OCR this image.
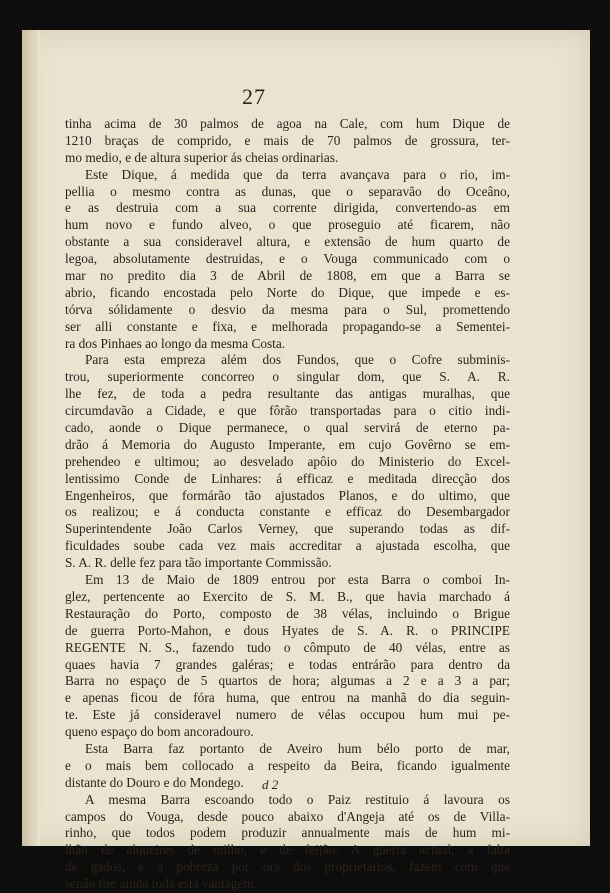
27
tinha acima de 30 palmos de agoa na Cale, com hum Dique de
1210 braças de comprido, e mais de 70 palmos de grossura, ter-
mo medio, e de altura superior ás cheias ordinarias.
Este Dique, á medida que da terra avançava para o rio, im-
pellia o mesmo contra as dunas, que o separavão do Oceâno,
e as destruia com a sua corrente dirigida, convertendo-as em
hum novo e fundo alveo, o que proseguio até ficarem, não
obstante a sua consideravel altura, e extensão de hum quarto de
legoa, absolutamente destruidas, e o Vouga communicado com o
mar no predito dia 3 de Abril de 1808, em que a Barra se
abrio, ficando encostada pelo Norte do Dique, que impede e es-
tórva sólidamente o desvio da mesma para o Sul, promettendo
ser alli constante e fixa, e melhorada propagando-se a Sementei-
ra dos Pinhaes ao longo da mesma Costa.
Para esta empreza além dos Fundos, que o Cofre subminis-
trou, superiormente concorreo o singular dom, que S. A. R.
lhe fez, de toda a pedra resultante das antigas muralhas, que
circumdavão a Cidade, e que fôrão transportadas para o citio indi-
cado, aonde o Dique permanece, o qual servirá de eterno pa-
drão á Memoria do Augusto Imperante, em cujo Govêrno se em-
prehendeo e ultimou; ao desvelado apôio do Ministerio do Excel-
lentissimo Conde de Linhares: á efficaz e meditada direcção dos
Engenheiros, que formárão tão ajustados Planos, e do ultimo, que
os realizou; e á conducta constante e efficaz do Desembargador
Superintendente João Carlos Verney, que superando todas as dif-
ficuldades soube cada vez mais accreditar a ajustada escolha, que
S. A. R. delle fez para tão importante Commissão.
Em 13 de Maio de 1809 entrou por esta Barra o comboi In-
glez, pertencente ao Exercito de S. M. B., que havia marchado á
Restauração do Porto, composto de 38 vélas, incluindo o Brigue
de guerra Porto-Mahon, e dous Hyates de S. A. R. o PRINCIPE
REGENTE N. S., fazendo tudo o cômputo de 40 vélas, entre as
quaes havia 7 grandes galéras; e todas entrárão para dentro da
Barra no espaço de 5 quartos de hora; algumas a 2 e a 3 a par;
e apenas ficou de fóra huma, que entrou na manhã do dia seguin-
te. Este já consideravel numero de vélas occupou hum mui pe-
queno espaço do bom ancoradouro.
Esta Barra faz portanto de Aveiro hum bélo porto de mar,
e o mais bem collocado a respeito da Beira, ficando igualmente
distante do Douro e do Mondego.
A mesma Barra escoando todo o Paiz restituio á lavoura os
campos do Vouga, desde pouco abaixo d'Angeja até os de Villa-
rinho, que todos podem produzir annualmente mais de hum mi-
lhão de alqueires de milho, e de feijão. A guerra actual, a falta
de gados, e a pobreza por ora dos proprietarios, fazem com que
senão tire ainda toda esta vantagem.
d 2
